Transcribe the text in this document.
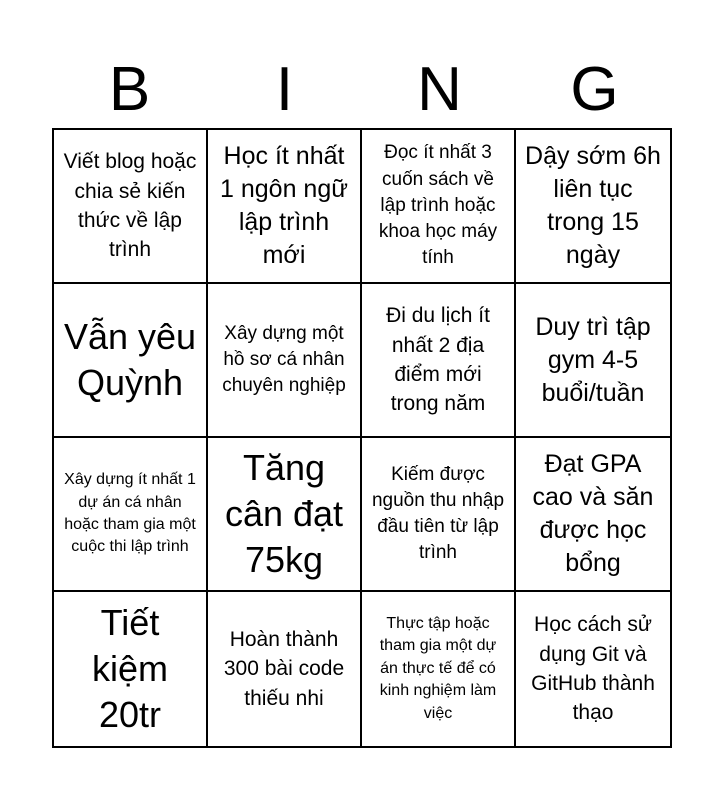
B	I	N	G
Viết blog hoặc chia sẻ kiến thức về lập trình
Học ít nhất 1 ngôn ngữ lập trình mới
Đọc ít nhất 3 cuốn sách về lập trình hoặc khoa học máy tính
Dậy sớm 6h liên tục trong 15 ngày
Vẫn yêu Quỳnh
Xây dựng một hồ sơ cá nhân chuyên nghiệp
Đi du lịch ít nhất 2 địa điểm mới trong năm
Duy trì tập gym 4-5 buổi/tuần
Xây dựng ít nhất 1 dự án cá nhân hoặc tham gia một cuộc thi lập trình
Tăng cân đạt 75kg
Kiếm được nguồn thu nhập đầu tiên từ lập trình
Đạt GPA cao và săn được học bổng
Tiết kiệm 20tr
Hoàn thành 300 bài code thiếu nhi
Thực tập hoặc tham gia một dự án thực tế để có kinh nghiệm làm việc
Học cách sử dụng Git và GitHub thành thạo
